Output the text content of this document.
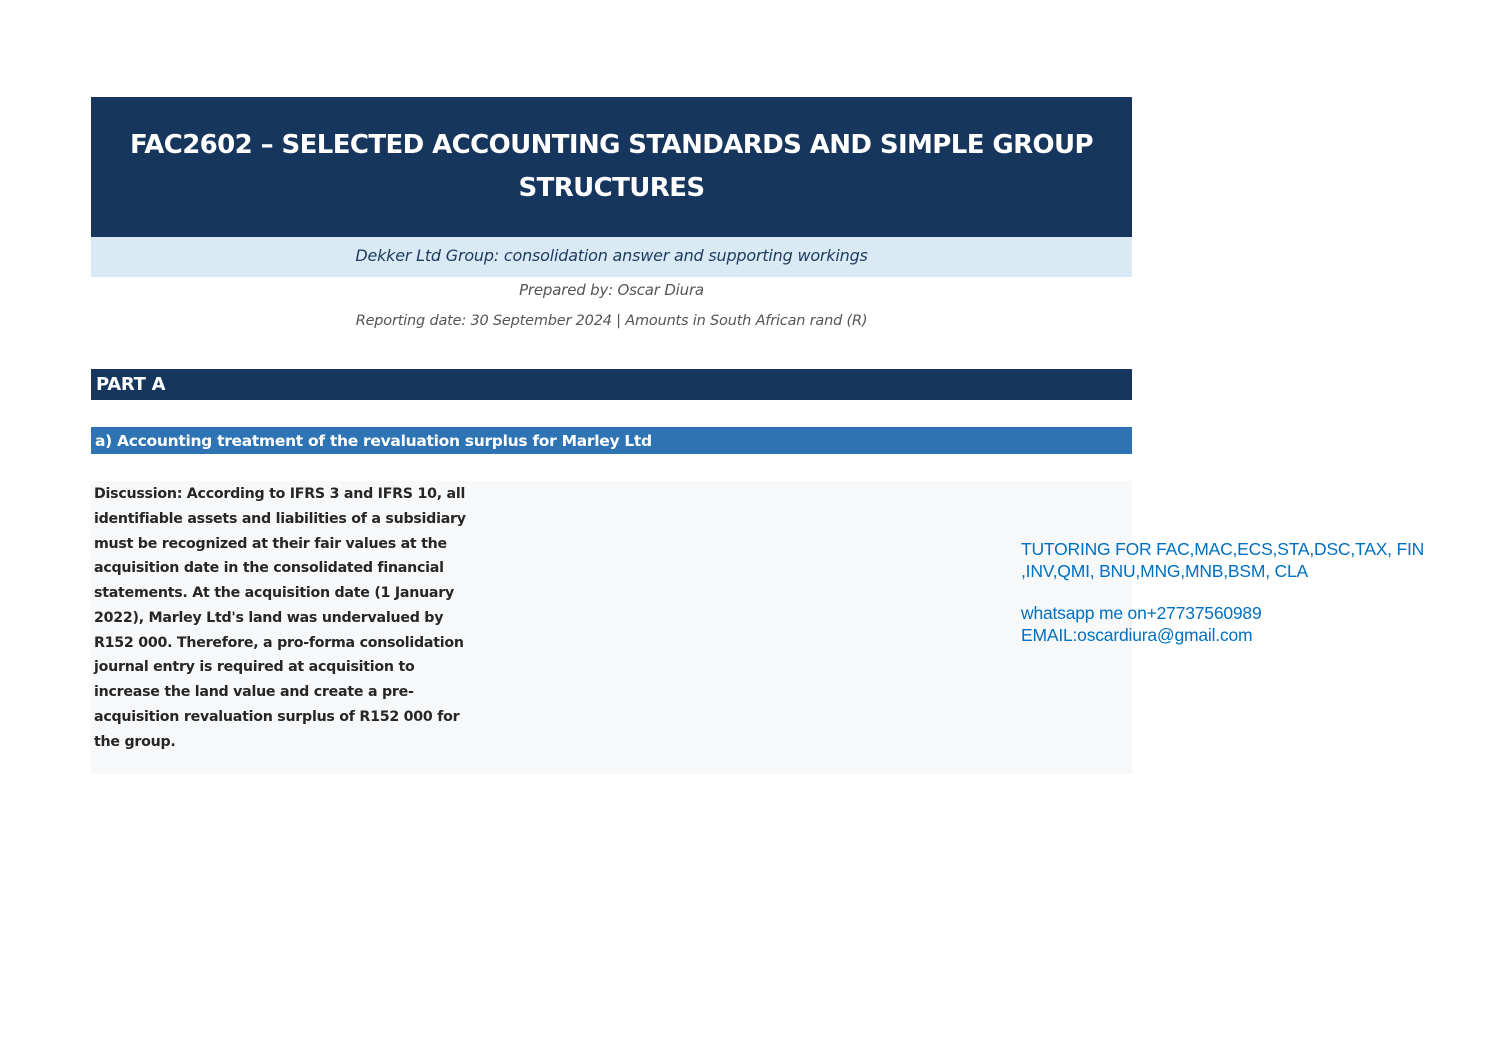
FAC2602 – SELECTED ACCOUNTING STANDARDS AND SIMPLE GROUP STRUCTURES
Dekker Ltd Group: consolidation answer and supporting workings
Prepared by: Oscar Diura
Reporting date: 30 September 2024 | Amounts in South African rand (R)
PART A
a) Accounting treatment of the revaluation surplus for Marley Ltd
Discussion: According to IFRS 3 and IFRS 10, all identifiable assets and liabilities of a subsidiary must be recognized at their fair values at the acquisition date in the consolidated financial statements. At the acquisition date (1 January 2022), Marley Ltd's land was undervalued by R152 000. Therefore, a pro-forma consolidation journal entry is required at acquisition to increase the land value and create a pre-acquisition revaluation surplus of R152 000 for the group.
TUTORING FOR FAC,MAC,ECS,STA,DSC,TAX, FIN
,INV,QMI, BNU,MNG,MNB,BSM, CLA
whatsapp me on+27737560989
EMAIL:oscardiura@gmail.com
